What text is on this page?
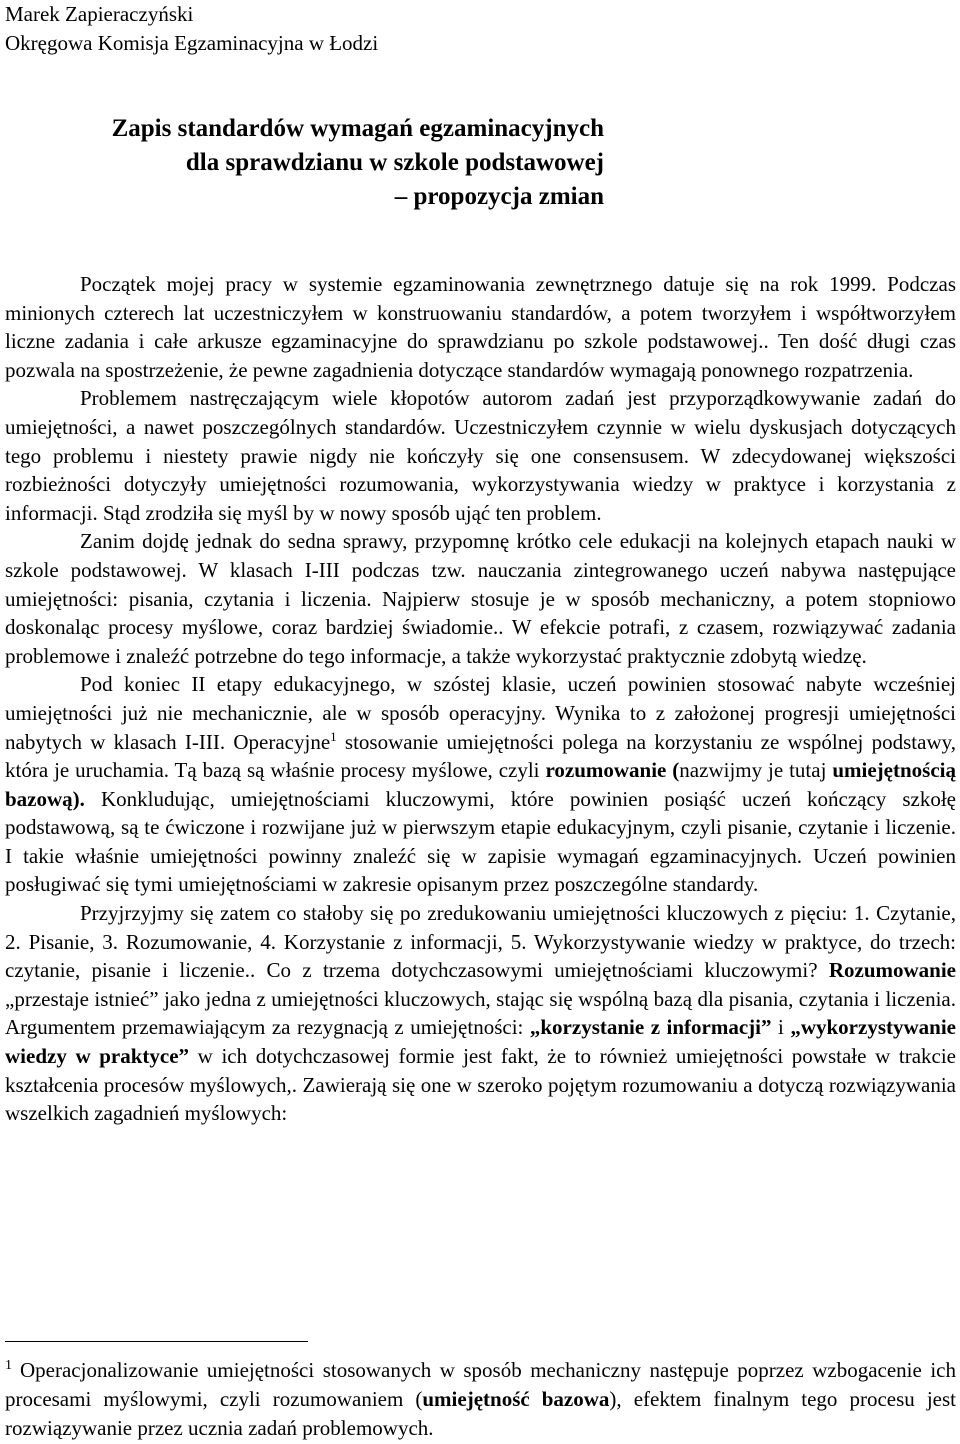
Marek Zapieraczyński
Okręgowa Komisja Egzaminacyjna w Łodzi
Zapis standardów wymagań egzaminacyjnych
dla sprawdzianu w szkole podstawowej
– propozycja zmian

Początek mojej pracy w systemie egzaminowania zewnętrznego datuje się na rok 1999. Podczas minionych czterech lat uczestniczyłem w konstruowaniu standardów, a potem tworzyłem i współtworzyłem liczne zadania i całe arkusze egzaminacyjne do sprawdzianu po szkole podstawowej.. Ten dość długi czas pozwala na spostrzeżenie, że pewne zagadnienia dotyczące standardów wymagają ponownego rozpatrzenia.

Problemem nastręczającym wiele kłopotów autorom zadań jest przyporządkowywanie zadań do umiejętności, a nawet poszczególnych standardów. Uczestniczyłem czynnie w wielu dyskusjach dotyczących tego problemu i niestety prawie nigdy nie kończyły się one consensusem. W zdecydowanej większości rozbieżności dotyczyły umiejętności rozumowania, wykorzystywania wiedzy w praktyce i korzystania z informacji. Stąd zrodziła się myśl by w nowy sposób ująć ten problem.

Zanim dojdę jednak do sedna sprawy, przypomnę krótko cele edukacji na kolejnych etapach nauki w szkole podstawowej. W klasach I-III podczas tzw. nauczania zintegrowanego uczeń nabywa następujące umiejętności: pisania, czytania i liczenia. Najpierw stosuje je w sposób mechaniczny, a potem stopniowo doskonaląc procesy myślowe, coraz bardziej świadomie.. W efekcie potrafi, z czasem, rozwiązywać zadania problemowe i znaleźć potrzebne do tego informacje, a także wykorzystać praktycznie zdobytą wiedzę.

Pod koniec II etapy edukacyjnego, w szóstej klasie, uczeń powinien stosować nabyte wcześniej umiejętności już nie mechanicznie, ale w sposób operacyjny. Wynika to z założonej progresji umiejętności nabytych w klasach I-III. Operacyjne$^1$ stosowanie umiejętności polega na korzystaniu ze wspólnej podstawy, która je uruchamia. Tą bazą są właśnie procesy myślowe, czyli rozumowanie (nazwijmy je tutaj umiejętnością bazową). Konkludując, umiejętnościami kluczowymi, które powinien posiąść uczeń kończący szkołę podstawową, są te ćwiczone i rozwijane już w pierwszym etapie edukacyjnym, czyli pisanie, czytanie i liczenie. I takie właśnie umiejętności powinny znaleźć się w zapisie wymagań egzaminacyjnych. Uczeń powinien posługiwać się tymi umiejętnościami w zakresie opisanym przez poszczególne standardy.

Przyjrzyjmy się zatem co stałoby się po zredukowaniu umiejętności kluczowych z pięciu: 1. Czytanie, 2. Pisanie, 3. Rozumowanie, 4. Korzystanie z informacji, 5. Wykorzystywanie wiedzy w praktyce, do trzech: czytanie, pisanie i liczenie.. Co z trzema dotychczasowymi umiejętnościami kluczowymi? Rozumowanie „przestaje istnieć” jako jedna z umiejętności kluczowych, stając się wspólną bazą dla pisania, czytania i liczenia. Argumentem przemawiającym za rezygnacją z umiejętności: „korzystanie z informacji” i „wykorzystywanie wiedzy w praktyce” w ich dotychczasowej formie jest fakt, że to również umiejętności powstałe w trakcie kształcenia procesów myślowych,. Zawierają się one w szeroko pojętym rozumowaniu a dotyczą rozwiązywania wszelkich zagadnień myślowych:

$^1$ Operacjonalizowanie umiejętności stosowanych w sposób mechaniczny następuje poprzez wzbogacenie ich procesami myślowymi, czyli rozumowaniem (umiejętność bazowa), efektem finalnym tego procesu jest rozwiązywanie przez ucznia zadań problemowych.
